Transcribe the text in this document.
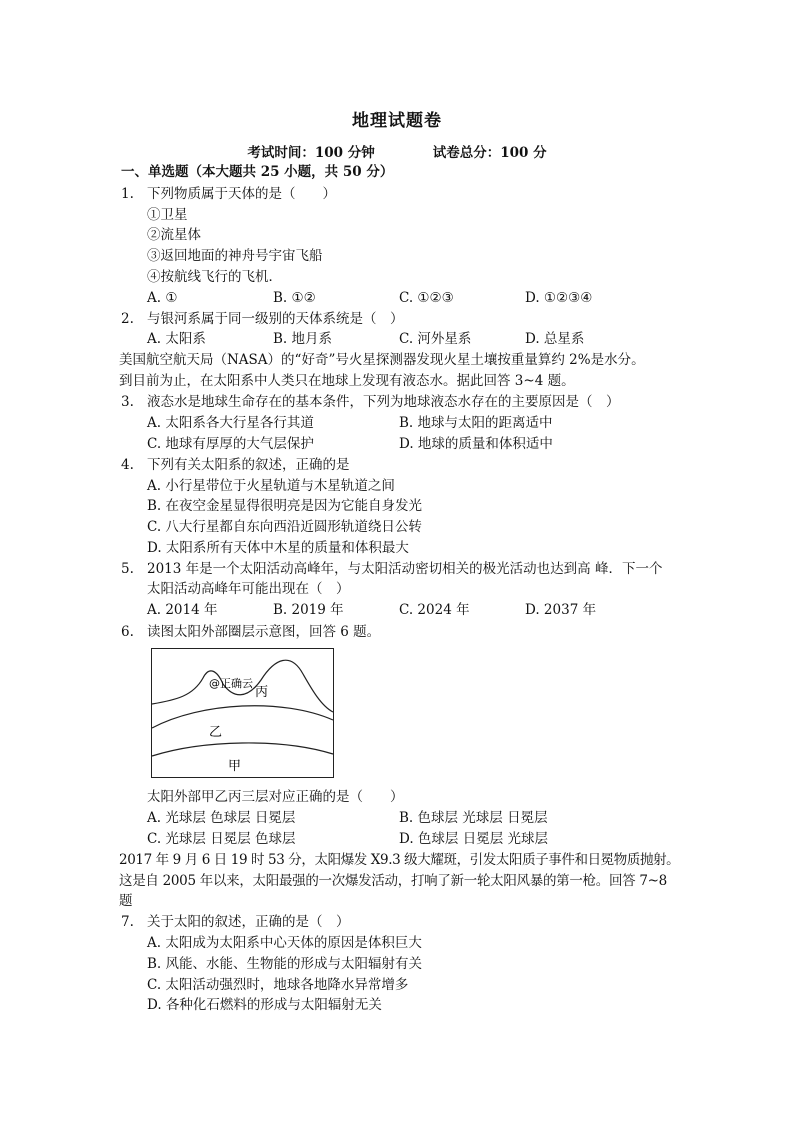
地理试题卷
考试时间：100 分钟	试卷总分：100 分
一、单选题（本大题共 25 小题，共 50 分）
1. 下列物质属于天体的是（　　）
①卫星
②流星体
③返回地面的神舟号宇宙飞船
④按航线飞行的飞机．
A. ①	B. ①②	C. ①②③	D. ①②③④
2. 与银河系属于同一级别的天体系统是（　）
A. 太阳系	B. 地月系	C. 河外星系	D. 总星系
美国航空航天局（NASA）的“好奇”号火星探测器发现火星土壤按重量算约 2%是水分。
到目前为止，在太阳系中人类只在地球上发现有液态水。据此回答 3~4 题。
3. 液态水是地球生命存在的基本条件，下列为地球液态水存在的主要原因是（　）
A. 太阳系各大行星各行其道	B. 地球与太阳的距离适中
C. 地球有厚厚的大气层保护	D. 地球的质量和体积适中
4. 下列有关太阳系的叙述，正确的是
A. 小行星带位于火星轨道与木星轨道之间
B. 在夜空金星显得很明亮是因为它能自身发光
C. 八大行星都自东向西沿近圆形轨道绕日公转
D. 太阳系所有天体中木星的质量和体积最大
5. 2013 年是一个太阳活动高峰年，与太阳活动密切相关的极光活动也达到高 峰．下一个
太阳活动高峰年可能出现在（　）
A. 2014 年	B. 2019 年	C. 2024 年	D. 2037 年
6. 读图太阳外部圈层示意图，回答 6 题。
@正确云
丙
乙
甲
太阳外部甲乙丙三层对应正确的是（　　）
A. 光球层 色球层 日冕层	B. 色球层 光球层 日冕层
C. 光球层 日冕层 色球层	D. 色球层 日冕层 光球层
2017 年 9 月 6 日 19 时 53 分，太阳爆发 X9.3 级大耀斑，引发太阳质子事件和日冕物质抛射。
这是自 2005 年以来，太阳最强的一次爆发活动，打响了新一轮太阳风暴的第一枪。回答 7~8
题
7. 关于太阳的叙述，正确的是（　）
A. 太阳成为太阳系中心天体的原因是体积巨大
B. 风能、水能、生物能的形成与太阳辐射有关
C. 太阳活动强烈时，地球各地降水异常增多
D. 各种化石燃料的形成与太阳辐射无关
